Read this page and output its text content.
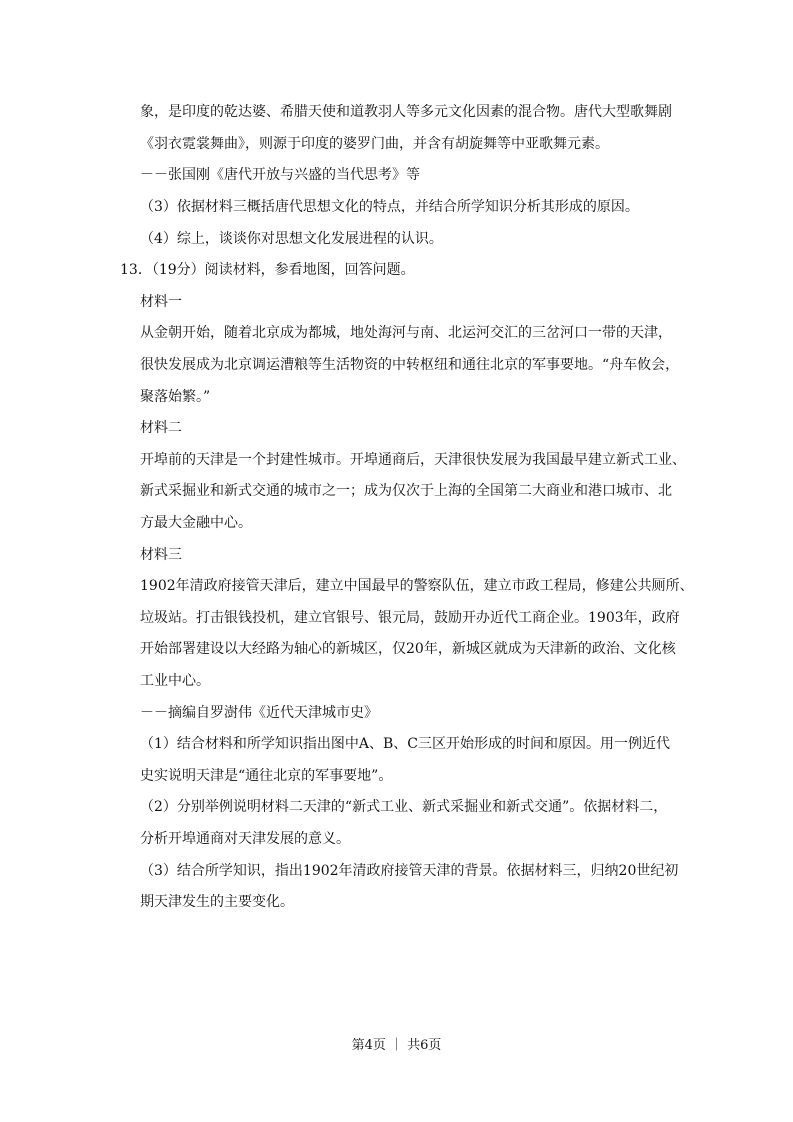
象，是印度的乾达婆、希腊天使和道教羽人等多元文化因素的混合物。唐代大型歌舞剧
《羽衣霓裳舞曲》，则源于印度的婆罗门曲，并含有胡旋舞等中亚歌舞元素。
－－张国刚《唐代开放与兴盛的当代思考》等
（3）依据材料三概括唐代思想文化的特点，并结合所学知识分析其形成的原因。
（4）综上，谈谈你对思想文化发展进程的认识。
13．（19分）阅读材料，参看地图，回答问题。
材料一
从金朝开始，随着北京成为都城，地处海河与南、北运河交汇的三岔河口一带的天津，
很快发展成为北京调运漕粮等生活物资的中转枢纽和通往北京的军事要地。“舟车攸会，
聚落始繁。”
材料二
开埠前的天津是一个封建性城市。开埠通商后，天津很快发展为我国最早建立新式工业、
新式采掘业和新式交通的城市之一；成为仅次于上海的全国第二大商业和港口城市、北
方最大金融中心。
材料三
1902年清政府接管天津后，建立中国最早的警察队伍，建立市政工程局，修建公共厕所、
垃圾站。打击银钱投机，建立官银号、银元局，鼓励开办近代工商企业。1903年，政府
开始部署建设以大经路为轴心的新城区，仅20年，新城区就成为天津新的政治、文化核
工业中心。
－－摘编自罗澍伟《近代天津城市史》
（1）结合材料和所学知识指出图中A、B、C三区开始形成的时间和原因。用一例近代
史实说明天津是“通往北京的军事要地”。
（2）分别举例说明材料二天津的“新式工业、新式采掘业和新式交通”。依据材料二，
分析开埠通商对天津发展的意义。
（3）结合所学知识，指出1902年清政府接管天津的背景。依据材料三，归纳20世纪初
期天津发生的主要变化。
第4页 ｜ 共6页
